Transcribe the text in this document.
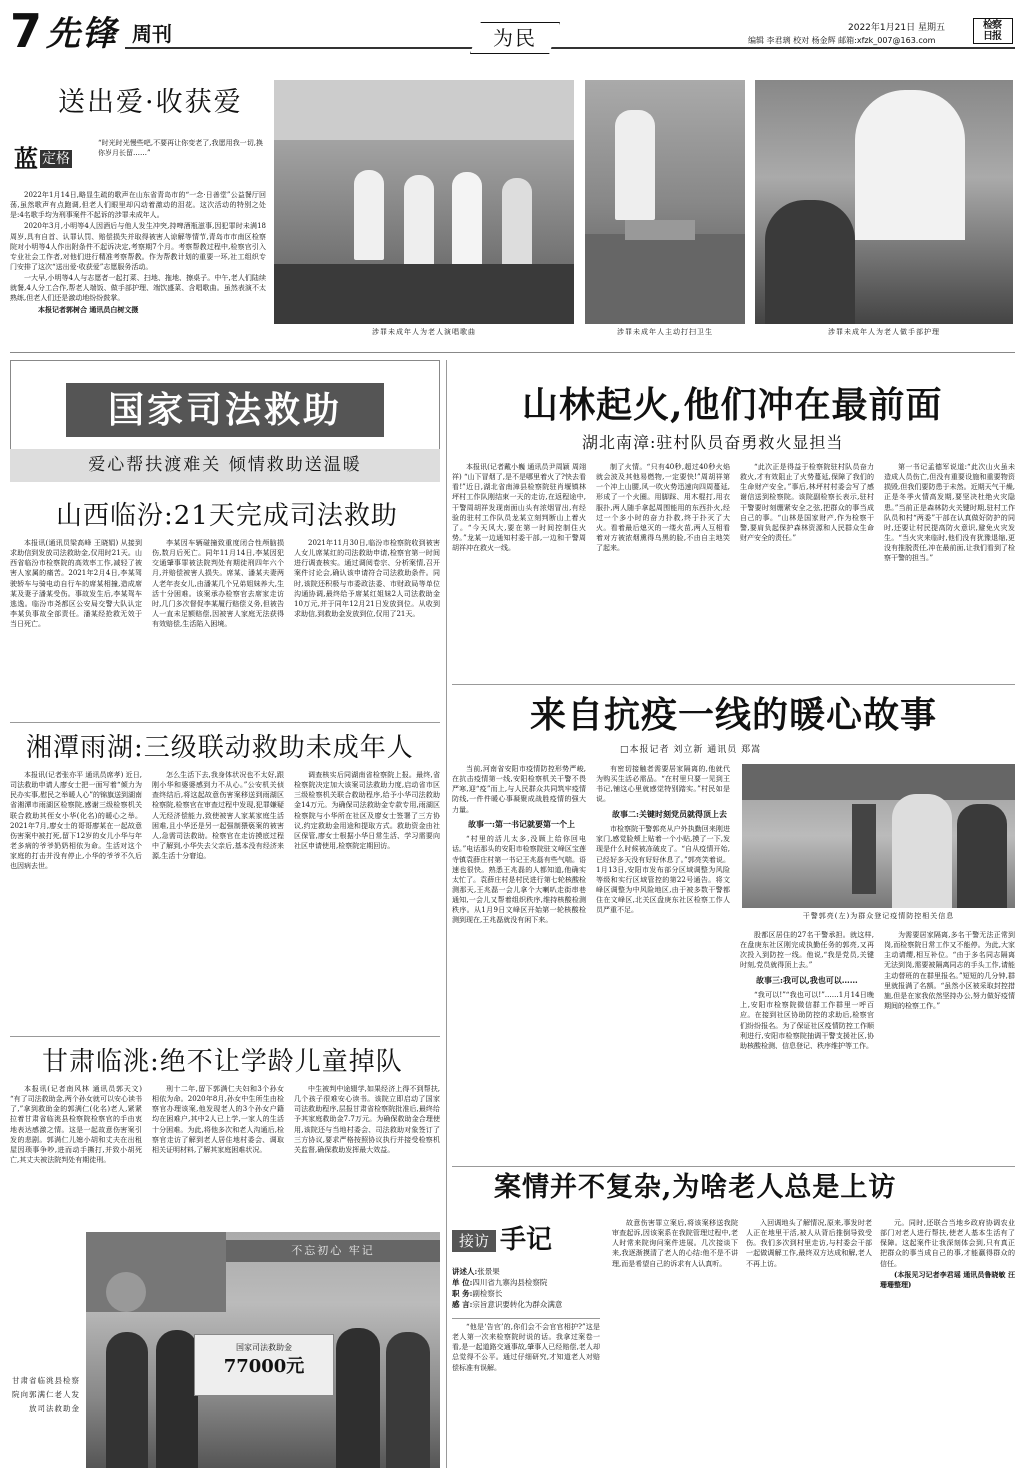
7 先锋 周刊	为民	2022年1月21日 星期五
编辑 李君璃 校对 杨金辉 邮箱:xfzk_007@163.com
检察日报
送出爱·收获爱
蓝 定格
“时光时光慢些吧,不要再让你变老了,我愿用我一切,换你岁月长留……”

2022年1月14日,略显生疏的歌声在山东省青岛市的“一念·日善堂”公益餐厅回荡,虽然歌声有点跑调,但老人们眼里却闪动着激动的泪花。这次活动的特别之处是:4名歌手均为刑事案件不起诉的涉罪未成年人。

2020年3月,小明等4人因酒后与他人发生冲突,持啤酒瓶滋事,因犯罪时未满18周岁,具有自首、认罪认罚、赔偿损失并取得被害人谅解等情节,青岛市市南区检察院对小明等4人作出附条件不起诉决定,考察期7个月。考察帮教过程中,检察官引入专业社会工作者,对他们进行精准考察帮教。作为帮教计划的重要一环,社工组织专门安排了这次“送出爱·收获爱”志愿服务活动。

一大早,小明等4人与志愿者一起打菜、扫地、拖地、擦桌子。中午,老人们陆续就餐,4人分工合作,帮老人端饭、做手部护理、端饮盛菜、含唱歌曲。虽然表演不太熟练,但老人们还是激动地纷纷鼓掌。

本报记者郭树合 通讯员白树文摄

涉罪未成年人为老人演唱歌曲	涉罪未成年人主动打扫卫生	涉罪未成年人为老人做手部护理
国家司法救助
爱心帮扶渡难关 倾情救助送温暖
山西临汾:21天完成司法救助

本报讯(通讯员梁高峰 王晓娟) 从接到求助信到发放司法救助金,仅用时21天。山西省临汾市检察院的高效率工作,减轻了被害人家属的痛苦。2021年2月4日,李某驾驶轿车与骑电动自行车的席某相撞,造成席某及妻子潘某受伤。事故发生后,李某驾车逃逸。临汾市尧都区公安局交警大队认定李某负事故全部责任。潘某经抢救无效于当日死亡。

李某因车辆碰撞致重度闭合性颅脑损伤,数月后死亡。同年11月14日,李某因犯交通肇事罪被法院判处有期徒刑四年六个月,并赔偿被害人损失。席某、潘某夫妻两人老年丧女儿,由潘某几个兄弟姐妹养大,生活十分困难。该案承办检察官去席家走访时,几门多次督促李某履行赔偿义务,但被告人一直未足额赔偿,因被害人家庭无法获得有效赔偿,生活陷入困境。

2021年11月30日,临汾市检察院收到被害人女儿席某红的司法救助申请,检察官第一时间进行调查核实。通过调阅卷宗、分析案情,召开案件讨论会,确认该申请符合司法救助条件。同时,该院还积极与市委政法委、市财政局等单位沟通协调,最终给予席某红姐妹2人司法救助金10万元,并于同年12月21日发放到位。从收到求助信,到救助金发放到位,仅用了21天。

湘潭雨湖:三级联动救助未成年人

本报讯(记者张亦平 通讯员席孝) 近日,司法救助申请人廖女士把一面写着“倾力为民办实事,慰民之举暖人心”的锦旗送到湖南省湘潭市雨湖区检察院,感谢三级检察机关联合救助其侄女小华(化名)的暖心之举。2021年7月,廖女士的哥哥廖某在一起故意伤害案中被打死,留下12岁的女儿小华与年老多病的爷爷奶奶相依为命。生活对这个家庭的打击并没有停止,小华的爷爷不久后也因病去世。

怎么生活下去,我身体状况也不太好,跟刚小华和婆婆感到力不从心。”公安机关侦查终结后,将这起故意伤害案移送到雨湖区检察院,检察官在审查过程中发现,犯罪嫌疑人无经济偿能力,致使被害人家某家庭生活困难,且小华还是另一起强制猥亵案的被害人,急需司法救助。检察官在走访摸底过程中了解到,小华失去父亲后,基本没有经济来源,生活十分窘迫。

调查核实后同湖南省检察院上报。最终,省检察院决定加大该案司法救助力度,启动省市区三级检察机关联合救助程序,给予小华司法救助金14万元。为确保司法救助金专款专用,雨湖区检察院与小华所在社区及廖女士签署了三方协议,约定救助金用途和提取方式。救助资金由社区保管,廖女士根据小华日常生活、学习需要向社区申请使用,检察院定期回访。

甘肃临洮:绝不让学龄儿童掉队

本报讯(记者南风林 通讯员郭天文) “有了司法救助金,两个孙女就可以安心读书了,”拿到救助金的郭满仁(化名)老人,紧紧拉着甘肃省临洮县检察院检察官的手由衷地表达感激之情。这是一起故意伤害案引发的悲剧。郭满仁儿媳小胡和丈夫在出租屋因琐事争吵,进而动手撕打,并致小胡死亡,其丈夫被法院判处有期徒刑。

刑十二年,留下郭满仁夫妇和3个孙女相依为命。2020年8月,孙女中生所生由检察官办理该案,他发现老人的3个孙女户籍均在困难户,其中2人已上学,一家人的生活十分困难。为此,将他多次和老人沟通后,检察官走访了解到老人居住地村委会、调取相关证明材料,了解其家庭困难状况。

中生被判中途辍学,如果经济上得不到帮扶,几个孩子很难安心读书。该院立即启动了国家司法救助程序,层报甘肃省检察院批准后,最终给予其家庭救助金7.7万元。为确保救助金合理使用,该院还与当地村委会、司法救助对象签订了三方协议,要求严格按照协议执行并接受检察机关监督,确保救助发挥最大效益。

不忘初心 牢记
国家司法救助金
77000元
甘肃省临洮县检察院向郭满仁老人发放司法救助金
山林起火,他们冲在最前面
湖北南漳:驻村队员奋勇救火显担当

本报讯(记者戴小巍 通讯员尹周颖 周翊祥) “山下冒烟了,是不是哪里着火了?快去看看!”近日,湖北省南漳县检察院驻肖堰镇林坪村工作队刚结束一天的走访,在返程途中,干警周胡祥发现南面山头有浓烟冒出,有经验的驻村工作队员龙某立刻判断山上着火了。“今天风大,要在第一时间控制住火势。”龙某一边通知村委干部,一边和干警周胡祥冲在救火一线。

制了火情。“只有40秒,超过40秒火焰就会波及其他易燃物,一定要快!”周胡祥第一个冲上山腰,风一吹火势迅速向四周蔓延,形成了一个火圈。用脚踩、用木棍打,用衣服扑,两人随手拿起周围能用的东西扑火,经过一个多小时的奋力扑救,终于扑灭了大火。看着最后熄灭的一缕火苗,两人互相看着对方被浓烟熏得乌黑的脸,不由自主地笑了起来。

“此次正是得益于检察院驻村队员奋力救火,才有效阻止了火势蔓延,保障了我们的生命财产安全。”事后,林坪村村委会写了感谢信送到检察院。该院副检察长表示,驻村干警要时刻绷紧安全之弦,把群众的事当成自己的事。“山林是国家财产,作为检察干警,要肩负起保护森林资源和人民群众生命财产安全的责任。”

第一书记孟德军说道:“此次山火虽未造成人员伤亡,但没有重要设施和重要物资损毁,但我们要防患于未然。近期天气干燥,正是冬季火情高发期,要坚决杜绝火灾隐患。”当前正是森林防火关键时期,驻村工作队员和村“两委”干部在认真做好防护的同时,还要让村民提高防火意识,避免火灾发生。“当火灾来临时,他们没有犹豫退缩,更没有推脱责任,冲在最前面,让我们看到了检察干警的担当。”

来自抗疫一线的暖心故事
□本报记者 刘立新 通讯员 郑嵩

当前,河南省安阳市疫情防控形势严峻,在抗击疫情第一线,安阳检察机关干警不畏严寒,迎“疫”而上,与人民群众共同筑牢疫情防线,一件件暖心事凝聚成战胜疫情的强大力量。

故事一:第一书记就要第一个上

“村里的活儿太多,没顾上给你回电话。”电话那头的安阳市检察院驻文峰区宝莲寺镇袁薛庄村第一书记王兆磊有些气喘。语速也很快。熟悉王兆磊的人都知道,他确实太忙了。袁薛庄村是村民进行第七轮核酸检测那天,王兆磊一会儿拿个大喇叭走街串巷通知,一会儿又帮着组织秩序,维持核酸检测秩序。从1月9日文峰区开始第一轮核酸检测到现在,王兆磊就没有闲下来。

有密切接触者需要居家隔离的,他就代为购买生活必需品。“在村里只要一见到王书记,铺这心里就感觉特别踏实。”村民如是说。

故事二:关键时刻党员就得顶上去

市检察院干警郭亮从户外执勤回来刚进家门,感觉脸颊上贴着一个小贴,摸了一下,发现是什么时候被冻破皮了。“自从疫情开始,已经好多天没有好好休息了。”郭亮笑着说。1月13日,安阳市发布部分区域调整为风险等级和实行区域管控的第22号通告。将文峰区调整为中风险地区,由于被多数干警都住在文峰区,北关区盘庚东社区检察工作人员严重不足。

干警郭亮(左)为群众登记疫情防控相关信息

股都区居住的27名干警承担。就这样,在盘庚东社区刚完成执勤任务的郭亮,又再次投入到防控一线。他说,“我是党员,关键时刻,党员就得顶上去。”

故事三:我可以,我也可以……

“我可以!”“我也可以!”……1月14日晚上,安阳市检察院微信群工作群里一呼百应。在接到社区协助防控的求助后,检察官们纷纷报名。为了保证社区疫情防控工作顺利进行,安阳市检察院抽调干警支援社区,协助核酸检测、信息登记、秩序维护等工作。

为需要居家隔离,多名干警无法正常到岗,而检察院日常工作又不能停。为此,大家主动请缨,相互补位。“由于多名同志隔离无法到岗,需要被隔离同志的手头工作,请能主动替班的在群里报名。”短短的几分钟,群里就报满了名额。“虽然小区被采取封控措施,但是在家我依然坚持办公,努力做好疫情期间的检察工作。”

案情并不复杂,为啥老人总是上访
接访 手记
讲述人:张景果
单 位:四川省九寨沟县检察院
职 务:副检察长
感 言:宗旨意识要转化为群众满意

“他是‘告官’的,你们会不会官官相护?”这是老人第一次来检察院时说的话。我拿过案卷一看,是一起道路交通事故,肇事人已经赔偿,老人却总觉得不公平。通过仔细研究,才知道老人对赔偿标准有误解。

故意伤害罪立案后,将该案移送我院审查起诉,因该案系在我院管理过程中,老人时常来院询问案件进展。几次接谈下来,我逐渐摸清了老人的心结:他不是不讲理,而是希望自己的诉求有人认真听。

入回调地头了解情况,原来,事发时老人正在地里干活,被人从背后推倒导致受伤。我们多次到村里走访,与村委会干部一起做调解工作,最终双方达成和解,老人不再上访。

元。同时,还联合当地乡政府协调农业部门对老人进行帮扶,使老人基本生活有了保障。这起案件让我深刻体会到,只有真正把群众的事当成自己的事,才能赢得群众的信任。

(本报见习记者李君瑶 通讯员鲁晓敏 汪珊珊整理)
